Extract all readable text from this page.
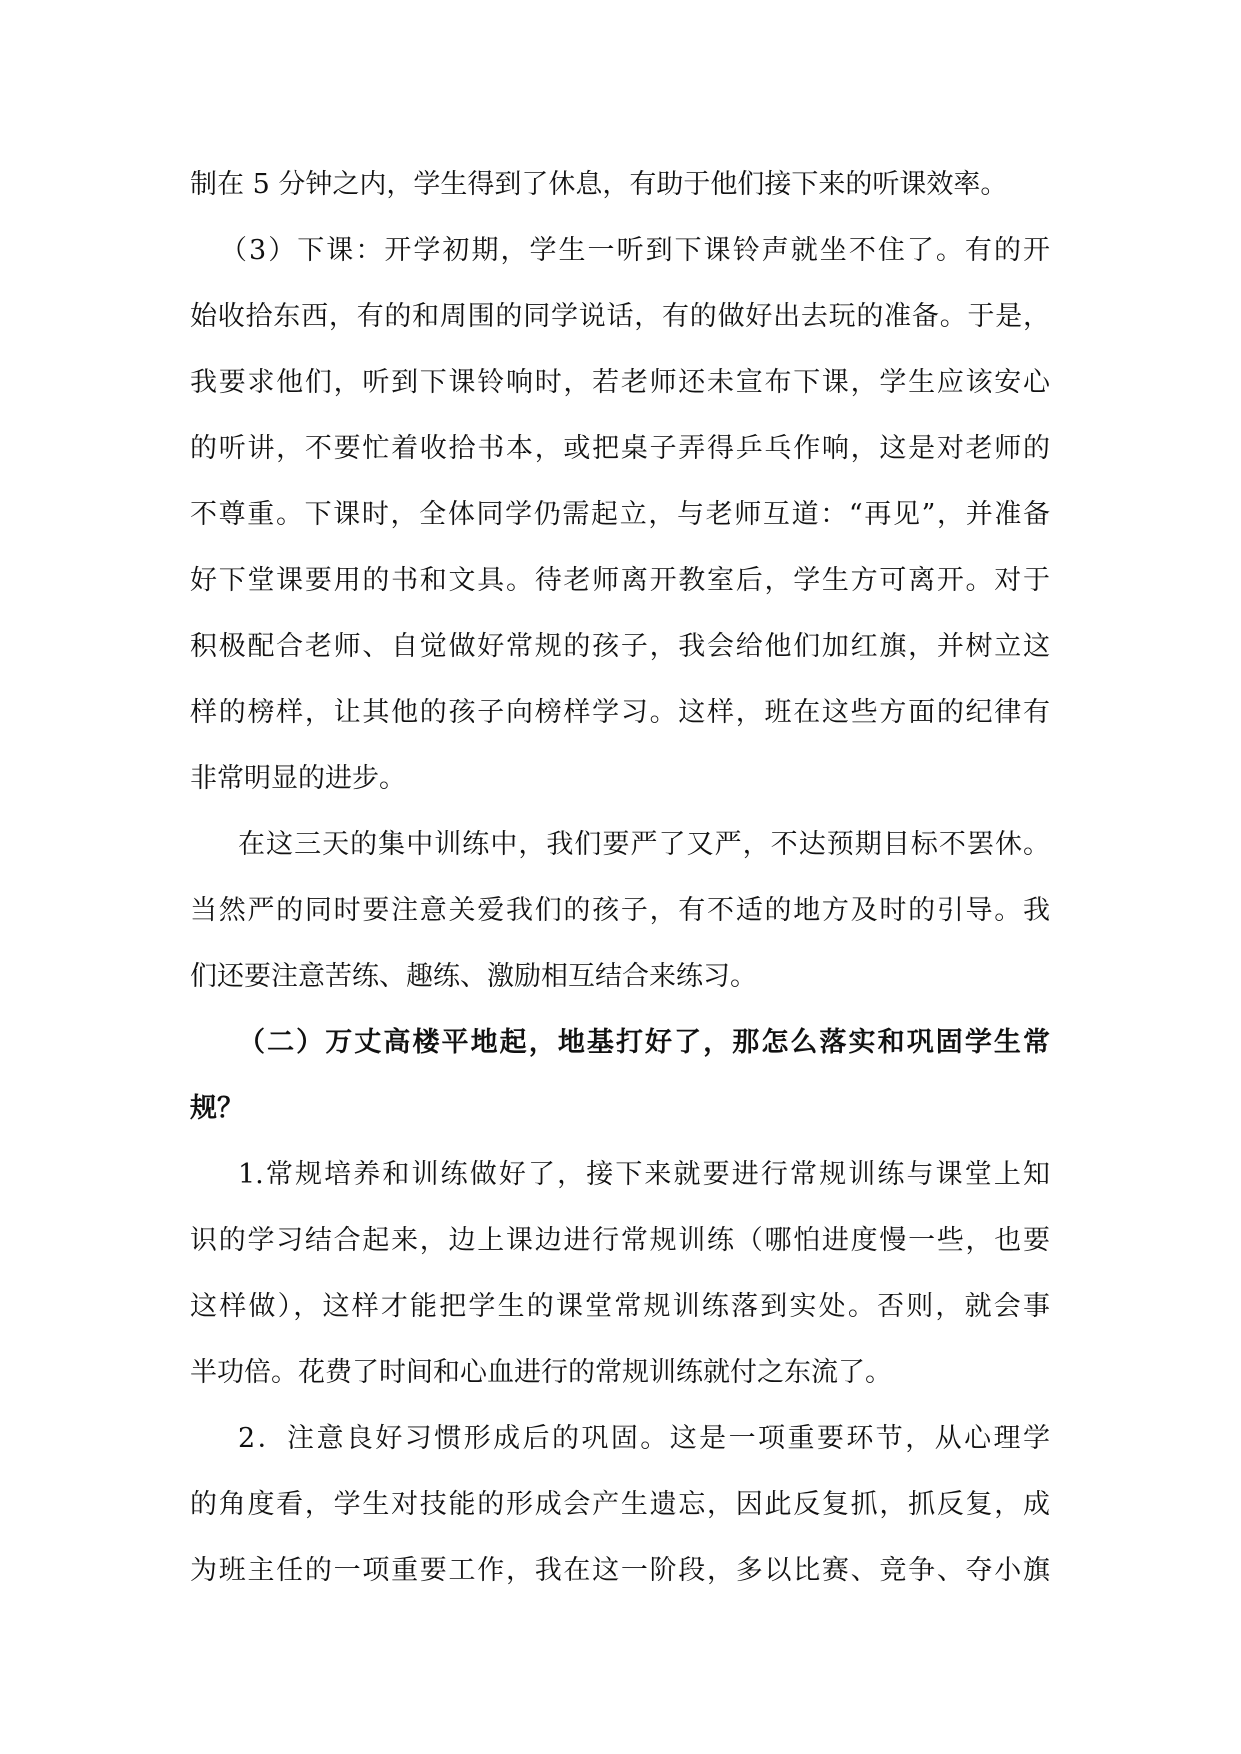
制在 5 分钟之内，学生得到了休息，有助于他们接下来的听课效率。
（3）下课：开学初期，学生一听到下课铃声就坐不住了。有的开
始收拾东西，有的和周围的同学说话，有的做好出去玩的准备。于是，
我要求他们，听到下课铃响时，若老师还未宣布下课，学生应该安心
的听讲，不要忙着收拾书本，或把桌子弄得乒乓作响，这是对老师的
不尊重。下课时，全体同学仍需起立，与老师互道：“再见”，并准备
好下堂课要用的书和文具。待老师离开教室后，学生方可离开。对于
积极配合老师、自觉做好常规的孩子，我会给他们加红旗，并树立这
样的榜样，让其他的孩子向榜样学习。这样，班在这些方面的纪律有
非常明显的进步。
在这三天的集中训练中，我们要严了又严，不达预期目标不罢休。
当然严的同时要注意关爱我们的孩子，有不适的地方及时的引导。我
们还要注意苦练、趣练、激励相互结合来练习。
（二）万丈高楼平地起，地基打好了，那怎么落实和巩固学生常
规？
1.常规培养和训练做好了，接下来就要进行常规训练与课堂上知
识的学习结合起来，边上课边进行常规训练（哪怕进度慢一些，也要
这样做），这样才能把学生的课堂常规训练落到实处。否则，就会事
半功倍。花费了时间和心血进行的常规训练就付之东流了。
2．注意良好习惯形成后的巩固。这是一项重要环节，从心理学
的角度看，学生对技能的形成会产生遗忘，因此反复抓，抓反复，成
为班主任的一项重要工作，我在这一阶段，多以比赛、竞争、夺小旗
